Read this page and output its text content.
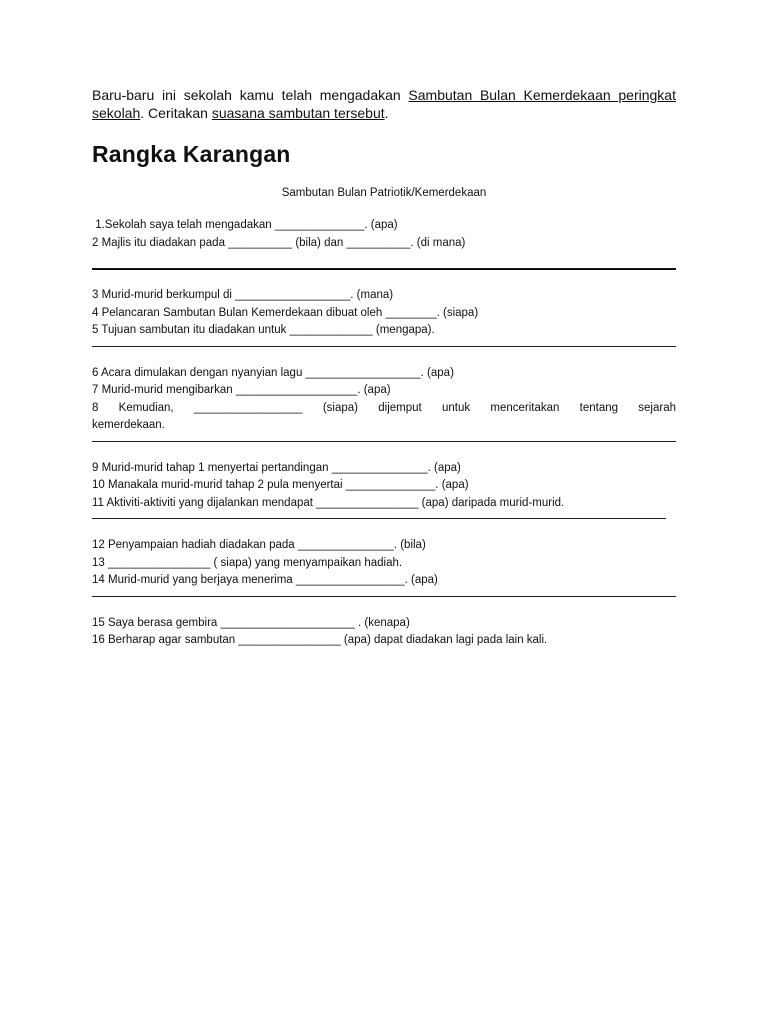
Baru-baru ini sekolah kamu telah mengadakan Sambutan Bulan Kemerdekaan peringkat sekolah. Ceritakan suasana sambutan tersebut.

Rangka Karangan

Sambutan Bulan Patriotik/Kemerdekaan

1.Sekolah saya telah mengadakan ______________. (apa)

2 Majlis itu diadakan pada __________ (bila) dan __________. (di mana)

3 Murid-murid berkumpul di __________________. (mana)

4 Pelancaran Sambutan Bulan Kemerdekaan dibuat oleh ________. (siapa)

5 Tujuan sambutan itu diadakan untuk _____________ (mengapa).

6 Acara dimulakan dengan nyanyian lagu __________________. (apa)

7 Murid-murid mengibarkan ___________________. (apa)

8 Kemudian, _________________ (siapa) dijemput untuk menceritakan tentang sejarah

kemerdekaan.

9 Murid-murid tahap 1 menyertai pertandingan _______________. (apa)

10 Manakala murid-murid tahap 2 pula menyertai ______________. (apa)

11 Aktiviti-aktiviti yang dijalankan mendapat ________________ (apa) daripada murid-murid.

12 Penyampaian hadiah diadakan pada _______________. (bila)

13 ________________ ( siapa) yang menyampaikan hadiah.

14 Murid-murid yang berjaya menerima _________________. (apa)

15 Saya berasa gembira _____________________ . (kenapa)

16 Berharap agar sambutan ________________ (apa) dapat diadakan lagi pada lain kali.
